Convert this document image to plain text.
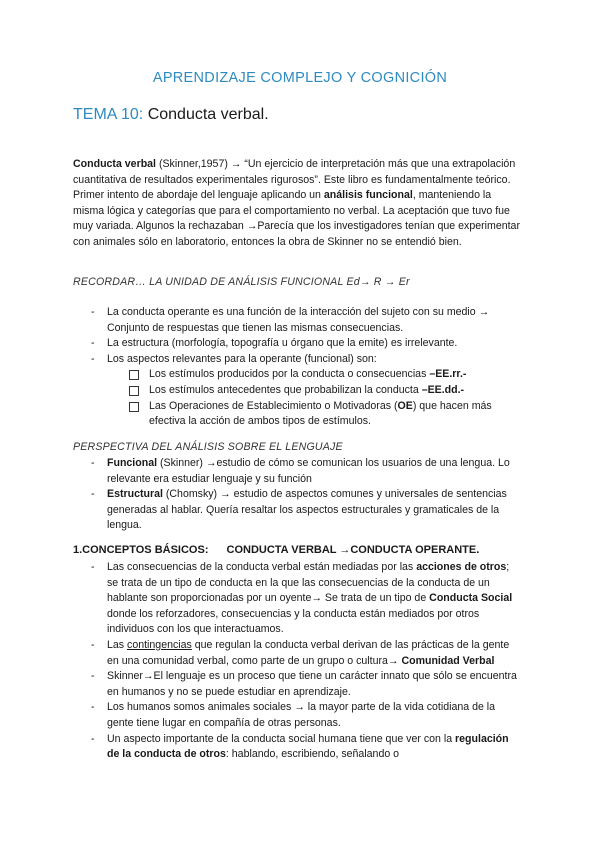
APRENDIZAJE COMPLEJO Y COGNICIÓN
TEMA 10: Conducta verbal.
Conducta verbal (Skinner,1957) → “Un ejercicio de interpretación más que una extrapolación cuantitativa de resultados experimentales rigurosos”. Este libro es fundamentalmente teórico. Primer intento de abordaje del lenguaje aplicando un análisis funcional, manteniendo la misma lógica y categorías que para el comportamiento no verbal. La aceptación que tuvo fue muy variada. Algunos la rechazaban →Parecía que los investigadores tenían que experimentar con animales sólo en laboratorio, entonces la obra de Skinner no se entendió bien.
RECORDAR… LA UNIDAD DE ANÁLISIS FUNCIONAL Ed→ R → Er
- La conducta operante es una función de la interacción del sujeto con su medio → Conjunto de respuestas que tienen las mismas consecuencias.
- La estructura (morfología, topografía u órgano que la emite) es irrelevante.
- Los aspectos relevantes para la operante (funcional) son:
Los estímulos producidos por la conducta o consecuencias –EE.rr.-
Los estímulos antecedentes que probabilizan la conducta –EE.dd.-
Las Operaciones de Establecimiento o Motivadoras (OE) que hacen más efectiva la acción de ambos tipos de estímulos.
PERSPECTIVA DEL ANÁLISIS SOBRE EL LENGUAJE
- Funcional (Skinner) →estudio de cómo se comunican los usuarios de una lengua. Lo relevante era estudiar lenguaje y su función
- Estructural (Chomsky) → estudio de aspectos comunes y universales de sentencias generadas al hablar. Quería resaltar los aspectos estructurales y gramaticales de la lengua.
1.CONCEPTOS BÁSICOS: CONDUCTA VERBAL →CONDUCTA OPERANTE.
- Las consecuencias de la conducta verbal están mediadas por las acciones de otros; se trata de un tipo de conducta en la que las consecuencias de la conducta de un hablante son proporcionadas por un oyente→ Se trata de un tipo de Conducta Social donde los reforzadores, consecuencias y la conducta están mediados por otros individuos con los que interactuamos.
- Las contingencias que regulan la conducta verbal derivan de las prácticas de la gente en una comunidad verbal, como parte de un grupo o cultura→ Comunidad Verbal
- Skinner→El lenguaje es un proceso que tiene un carácter innato que sólo se encuentra en humanos y no se puede estudiar en aprendizaje.
- Los humanos somos animales sociales → la mayor parte de la vida cotidiana de la gente tiene lugar en compañía de otras personas.
- Un aspecto importante de la conducta social humana tiene que ver con la regulación de la conducta de otros: hablando, escribiendo, señalando o
